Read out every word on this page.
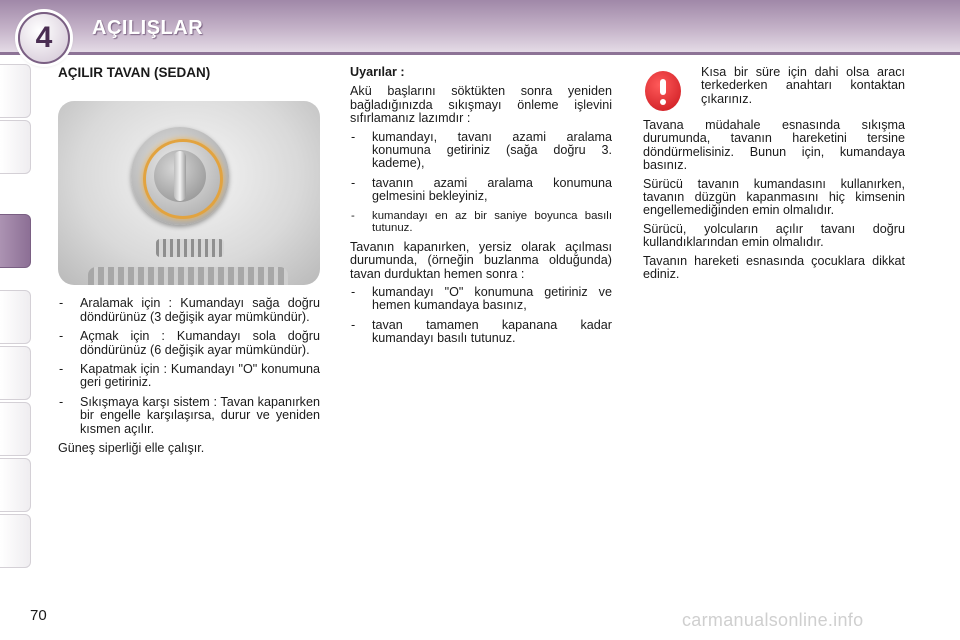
4	AÇILIŞLAR
AÇILIR TAVAN (SEDAN)
- Aralamak için : Kumandayı sağa doğru döndürünüz (3 değişik ayar mümkündür).
- Açmak için : Kumandayı sola doğru döndürünüz (6 değişik ayar mümkündür).
- Kapatmak için : Kumandayı "O" konumuna geri getiriniz.
- Sıkışmaya karşı sistem : Tavan kapanırken bir engelle karşılaşırsa, durur ve yeniden kısmen açılır.

Güneş siperliği elle çalışır.

Uyarılar :

Akü başlarını söktükten sonra yeniden bağladığınızda sıkışmayı önleme işlevini sıfırlamanız lazımdır :

- kumandayı, tavanı azami aralama konumuna getiriniz (sağa doğru 3. kademe),
- tavanın azami aralama konumuna gelmesini bekleyiniz,
- kumandayı en az bir saniye boyunca basılı tutunuz.

Tavanın kapanırken, yersiz olarak açılması durumunda, (örneğin buzlanma olduğunda) tavan durduktan hemen sonra :

- kumandayı "O" konumuna getiriniz ve hemen kumandaya basınız,
- tavan tamamen kapanana kadar kumandayı basılı tutunuz.

Kısa bir süre için dahi olsa aracı terkederken anahtarı kontaktan çıkarınız.

Tavana müdahale esnasında sıkışma durumunda, tavanın hareketini tersine döndürmelisiniz. Bunun için, kumandaya basınız.

Sürücü tavanın kumandasını kullanırken, tavanın düzgün kapanmasını hiç kimsenin engellemediğinden emin olmalıdır.

Sürücü, yolcuların açılır tavanı doğru kullandıklarından emin olmalıdır.

Tavanın hareketi esnasında çocuklara dikkat ediniz.

70	carmanualsonline.info
